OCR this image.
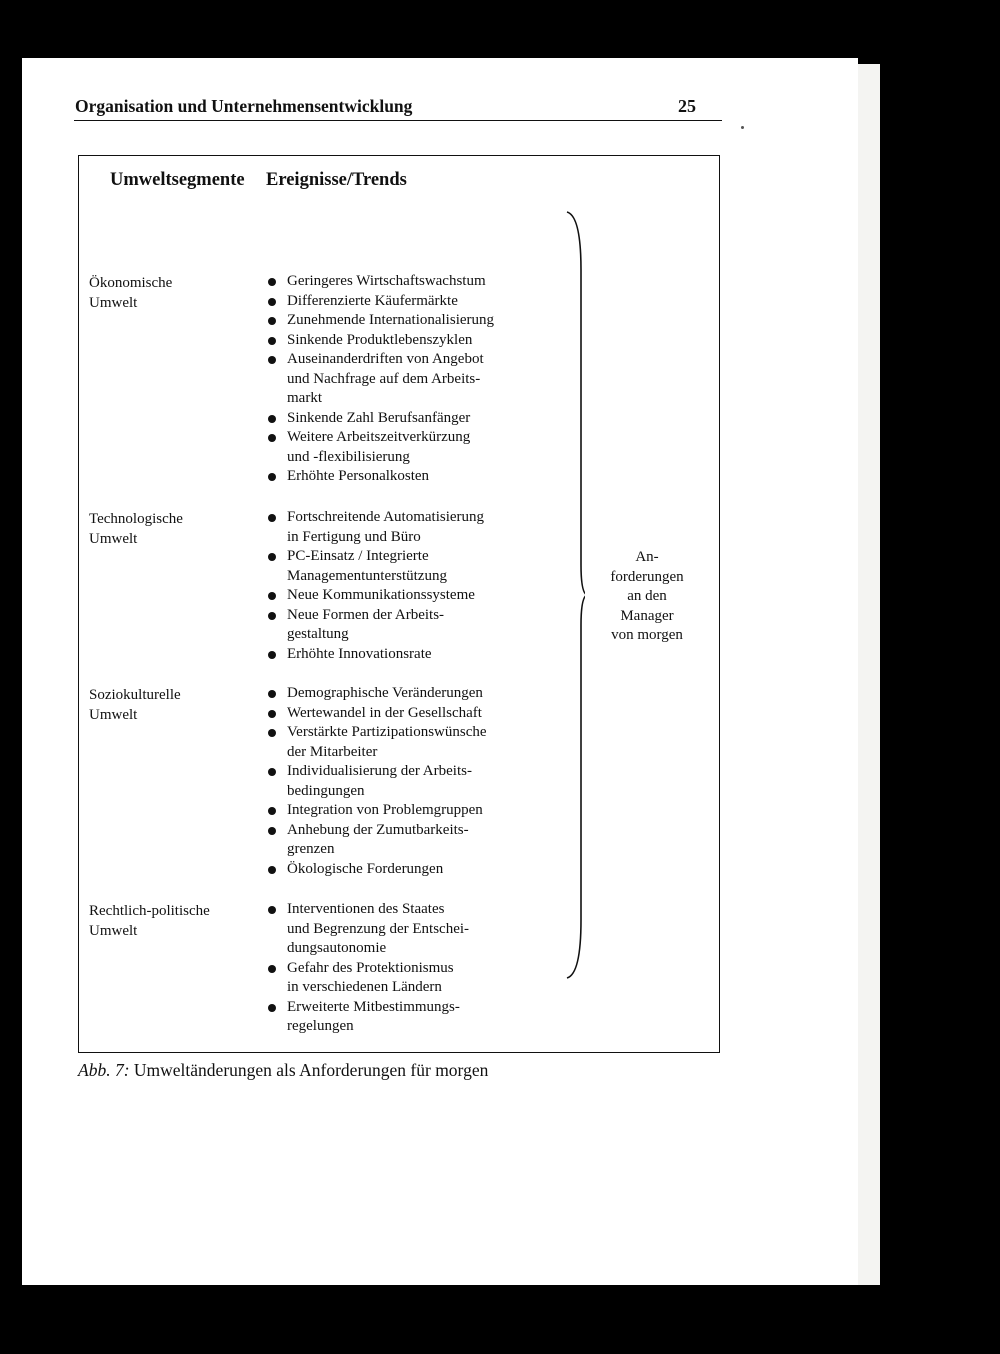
Organisation und Unternehmensentwicklung	25
Umweltsegmente Ereignisse/Trends
Ökonomische
Umwelt
Geringeres Wirtschaftswachstum
Differenzierte Käufermärkte
Zunehmende Internationalisierung
Sinkende Produktlebenszyklen
Auseinanderdriften von Angebot
und Nachfrage auf dem Arbeits-
markt
Sinkende Zahl Berufsanfänger
Weitere Arbeitszeitverkürzung
und -flexibilisierung
Erhöhte Personalkosten
Technologische
Umwelt
Fortschreitende Automatisierung
in Fertigung und Büro
PC-Einsatz / Integrierte
Managementunterstützung
Neue Kommunikationssysteme
Neue Formen der Arbeits-
gestaltung
Erhöhte Innovationsrate
Soziokulturelle
Umwelt
Demographische Veränderungen
Wertewandel in der Gesellschaft
Verstärkte Partizipationswünsche
der Mitarbeiter
Individualisierung der Arbeits-
bedingungen
Integration von Problemgruppen
Anhebung der Zumutbarkeits-
grenzen
Ökologische Forderungen
Rechtlich-politische
Umwelt
Interventionen des Staates
und Begrenzung der Entschei-
dungsautonomie
Gefahr des Protektionismus
in verschiedenen Ländern
Erweiterte Mitbestimmungs-
regelungen
An-
forderungen
an den
Manager
von morgen
Abb. 7: Umweltänderungen als Anforderungen für morgen
